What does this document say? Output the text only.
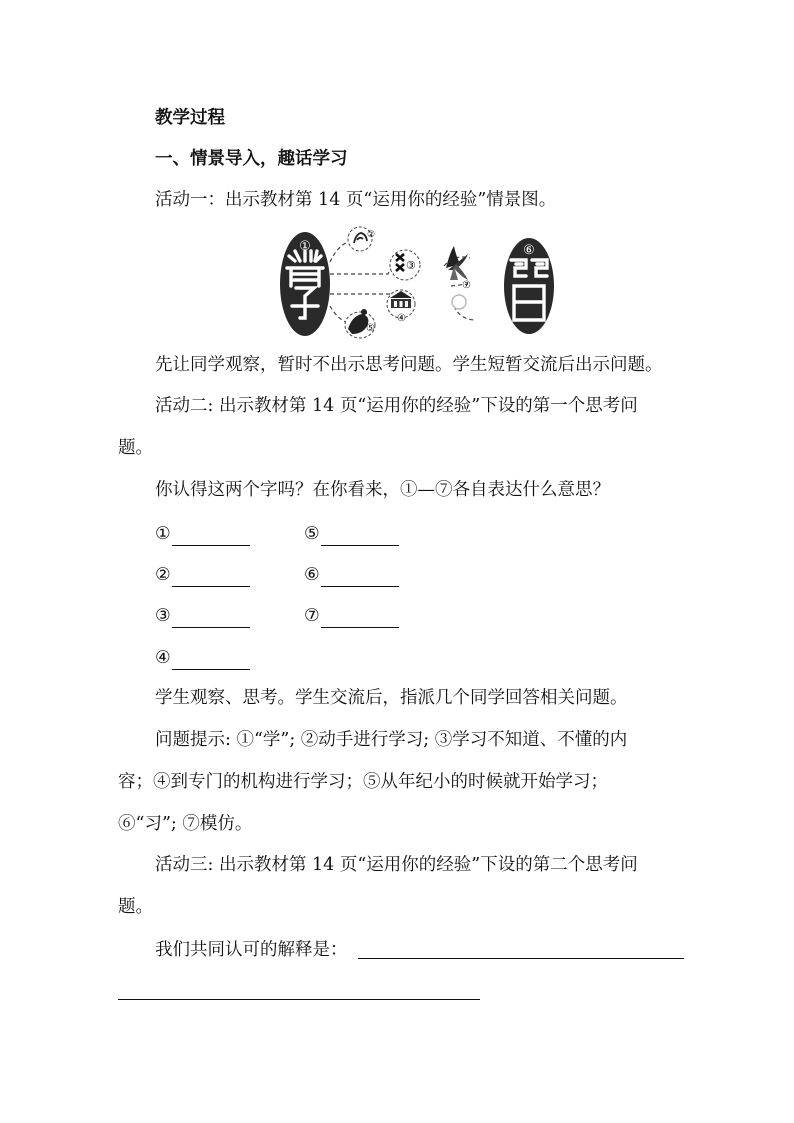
教学过程

一、情景导入，趣话学习

活动一：出示教材第 14 页“运用你的经验”情景图。

①
②
③
④
⑤
⑦
⑥

先让同学观察，暂时不出示思考问题。学生短暂交流后出示问题。

活动二: 出示教材第 14 页“运用你的经验”下设的第一个思考问

题。

你认得这两个字吗？在你看来，①—⑦各自表达什么意思？

①
②
③
④
⑤
⑥
⑦

学生观察、思考。学生交流后，指派几个同学回答相关问题。

问题提示: ①“学”; ②动手进行学习; ③学习不知道、不懂的内

容；④到专门的机构进行学习；⑤从年纪小的时候就开始学习；

⑥“习”; ⑦模仿。

活动三: 出示教材第 14 页“运用你的经验”下设的第二个思考问

题。

我们共同认可的解释是：
